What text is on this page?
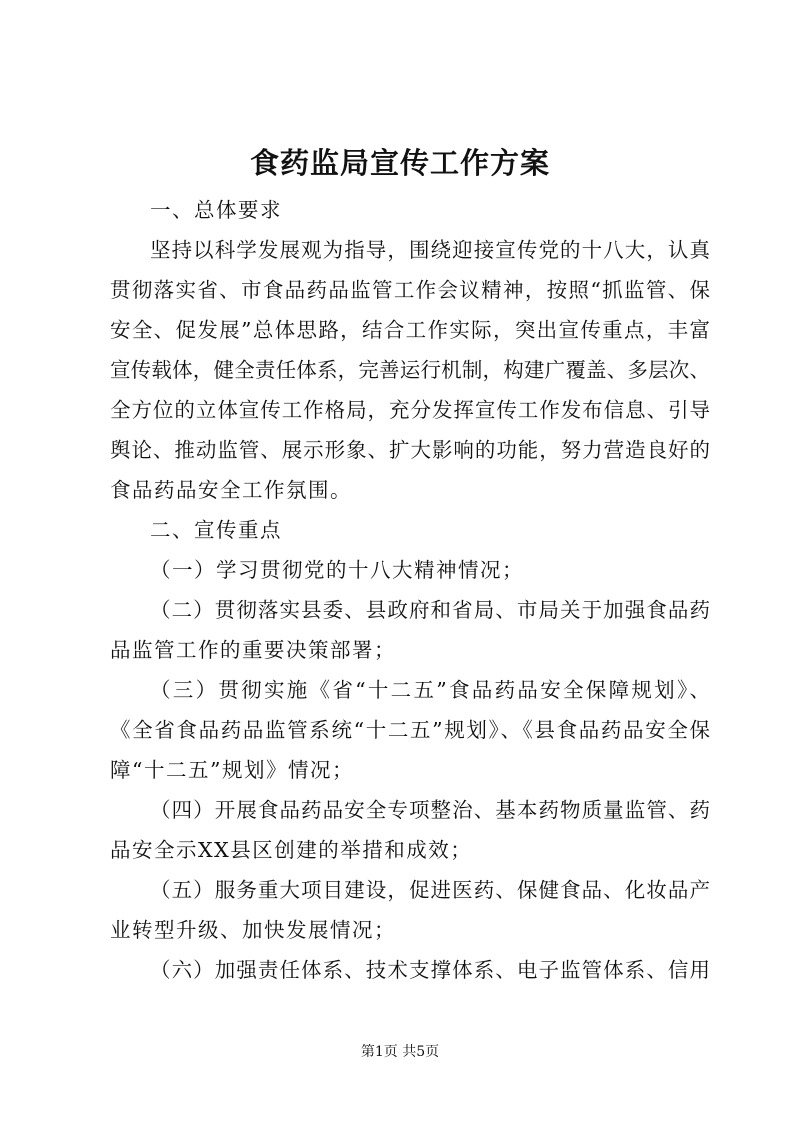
食药监局宣传工作方案
一、总体要求
坚持以科学发展观为指导，围绕迎接宣传党的十八大，认真
贯彻落实省、市食品药品监管工作会议精神，按照“抓监管、保
安全、促发展”总体思路，结合工作实际，突出宣传重点，丰富
宣传载体，健全责任体系，完善运行机制，构建广覆盖、多层次、
全方位的立体宣传工作格局，充分发挥宣传工作发布信息、引导
舆论、推动监管、展示形象、扩大影响的功能，努力营造良好的
食品药品安全工作氛围。
二、宣传重点
（一）学习贯彻党的十八大精神情况；
（二）贯彻落实县委、县政府和省局、市局关于加强食品药
品监管工作的重要决策部署；
（三）贯彻实施《省“十二五”食品药品安全保障规划》、
《全省食品药品监管系统“十二五”规划》、《县食品药品安全保
障“十二五”规划》情况；
（四）开展食品药品安全专项整治、基本药物质量监管、药
品安全示XX县区创建的举措和成效；
（五）服务重大项目建设，促进医药、保健食品、化妆品产
业转型升级、加快发展情况；
（六）加强责任体系、技术支撑体系、电子监管体系、信用
第1页 共5页
